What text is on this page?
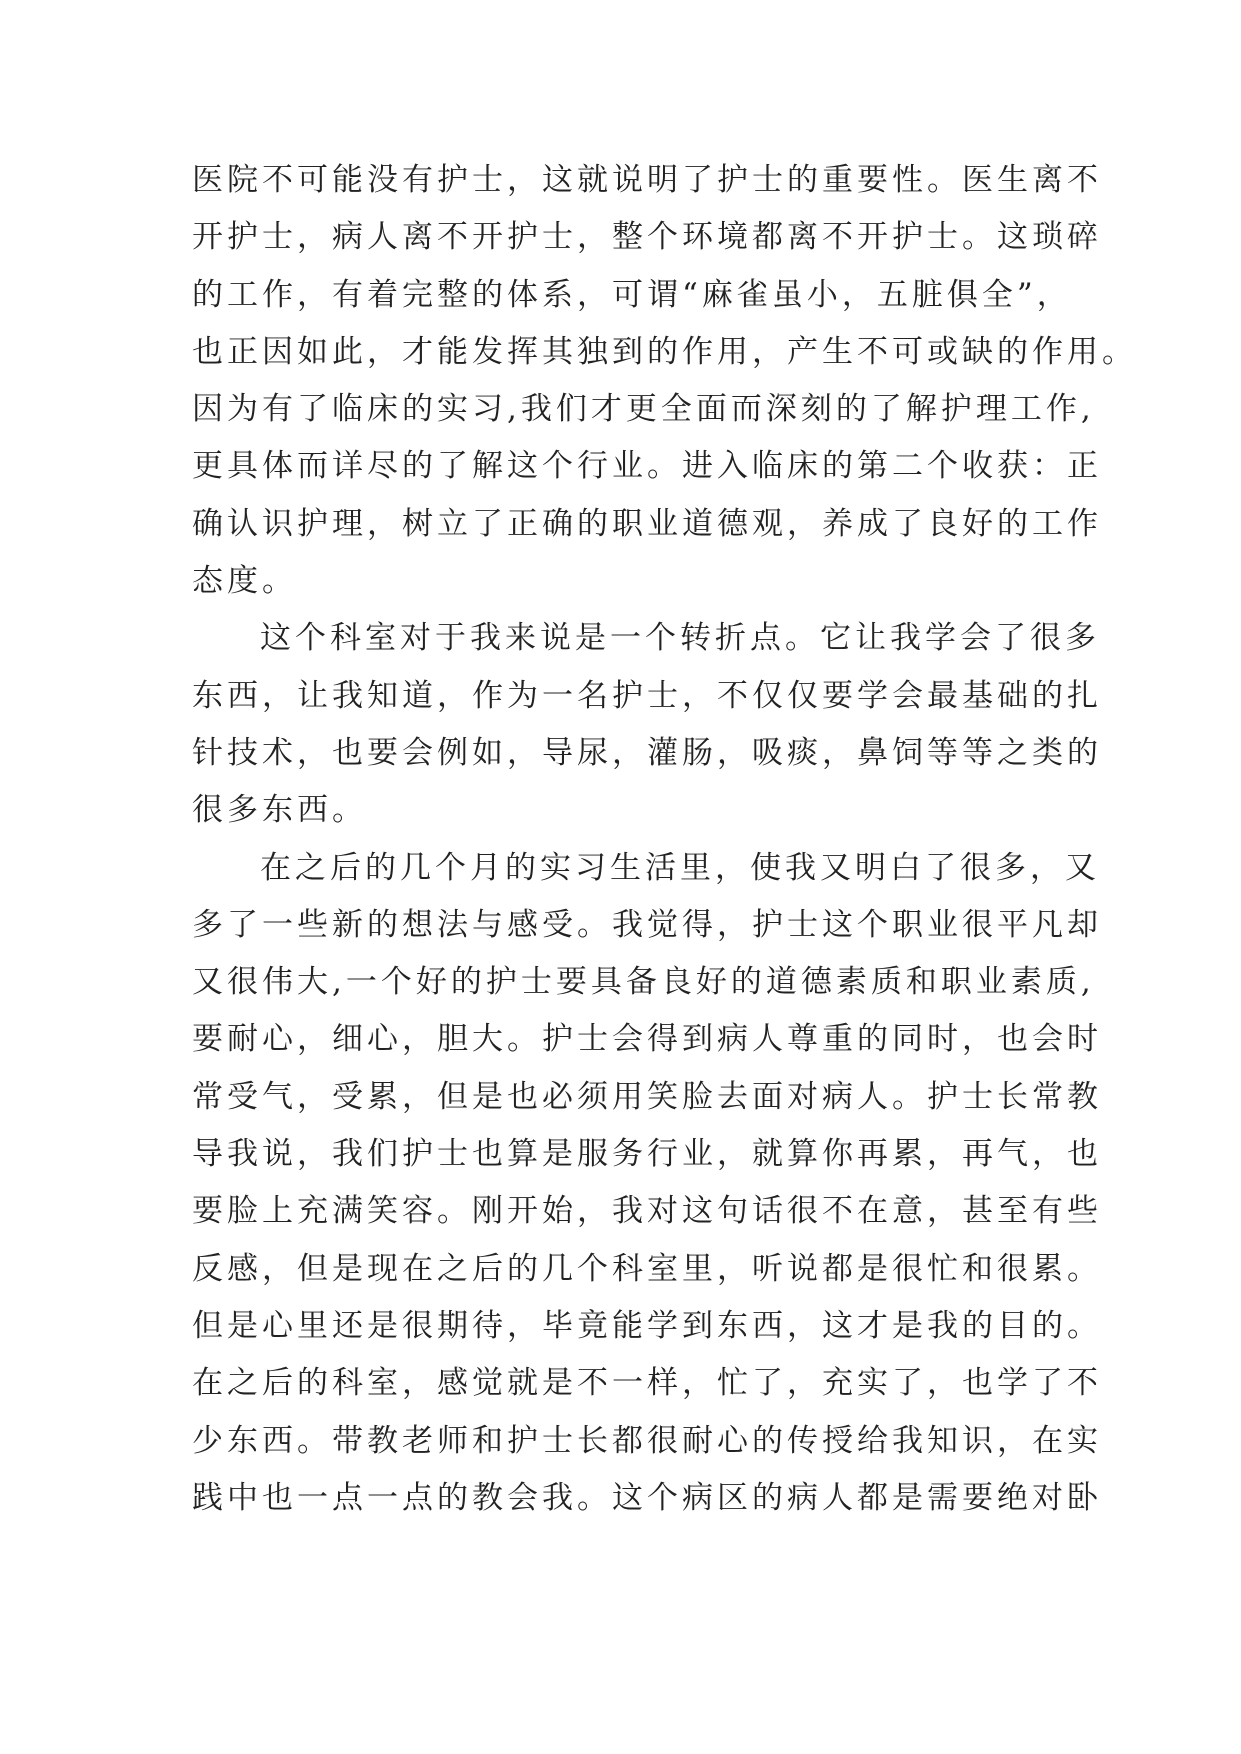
医院不可能没有护士，这就说明了护士的重要性。医生离不
开护士，病人离不开护士，整个环境都离不开护士。这琐碎
的工作，有着完整的体系，可谓“麻雀虽小，五脏俱全”，
也正因如此，才能发挥其独到的作用，产生不可或缺的作用。
因为有了临床的实习,我们才更全面而深刻的了解护理工作,
更具体而详尽的了解这个行业。进入临床的第二个收获：正
确认识护理，树立了正确的职业道德观，养成了良好的工作
态度。
这个科室对于我来说是一个转折点。它让我学会了很多
东西，让我知道，作为一名护士，不仅仅要学会最基础的扎
针技术，也要会例如，导尿，灌肠，吸痰，鼻饲等等之类的
很多东西。
在之后的几个月的实习生活里，使我又明白了很多，又
多了一些新的想法与感受。我觉得，护士这个职业很平凡却
又很伟大,一个好的护士要具备良好的道德素质和职业素质,
要耐心，细心，胆大。护士会得到病人尊重的同时，也会时
常受气，受累，但是也必须用笑脸去面对病人。护士长常教
导我说，我们护士也算是服务行业，就算你再累，再气，也
要脸上充满笑容。刚开始，我对这句话很不在意，甚至有些
反感，但是现在之后的几个科室里，听说都是很忙和很累。
但是心里还是很期待，毕竟能学到东西，这才是我的目的。
在之后的科室，感觉就是不一样，忙了，充实了，也学了不
少东西。带教老师和护士长都很耐心的传授给我知识，在实
践中也一点一点的教会我。这个病区的病人都是需要绝对卧
